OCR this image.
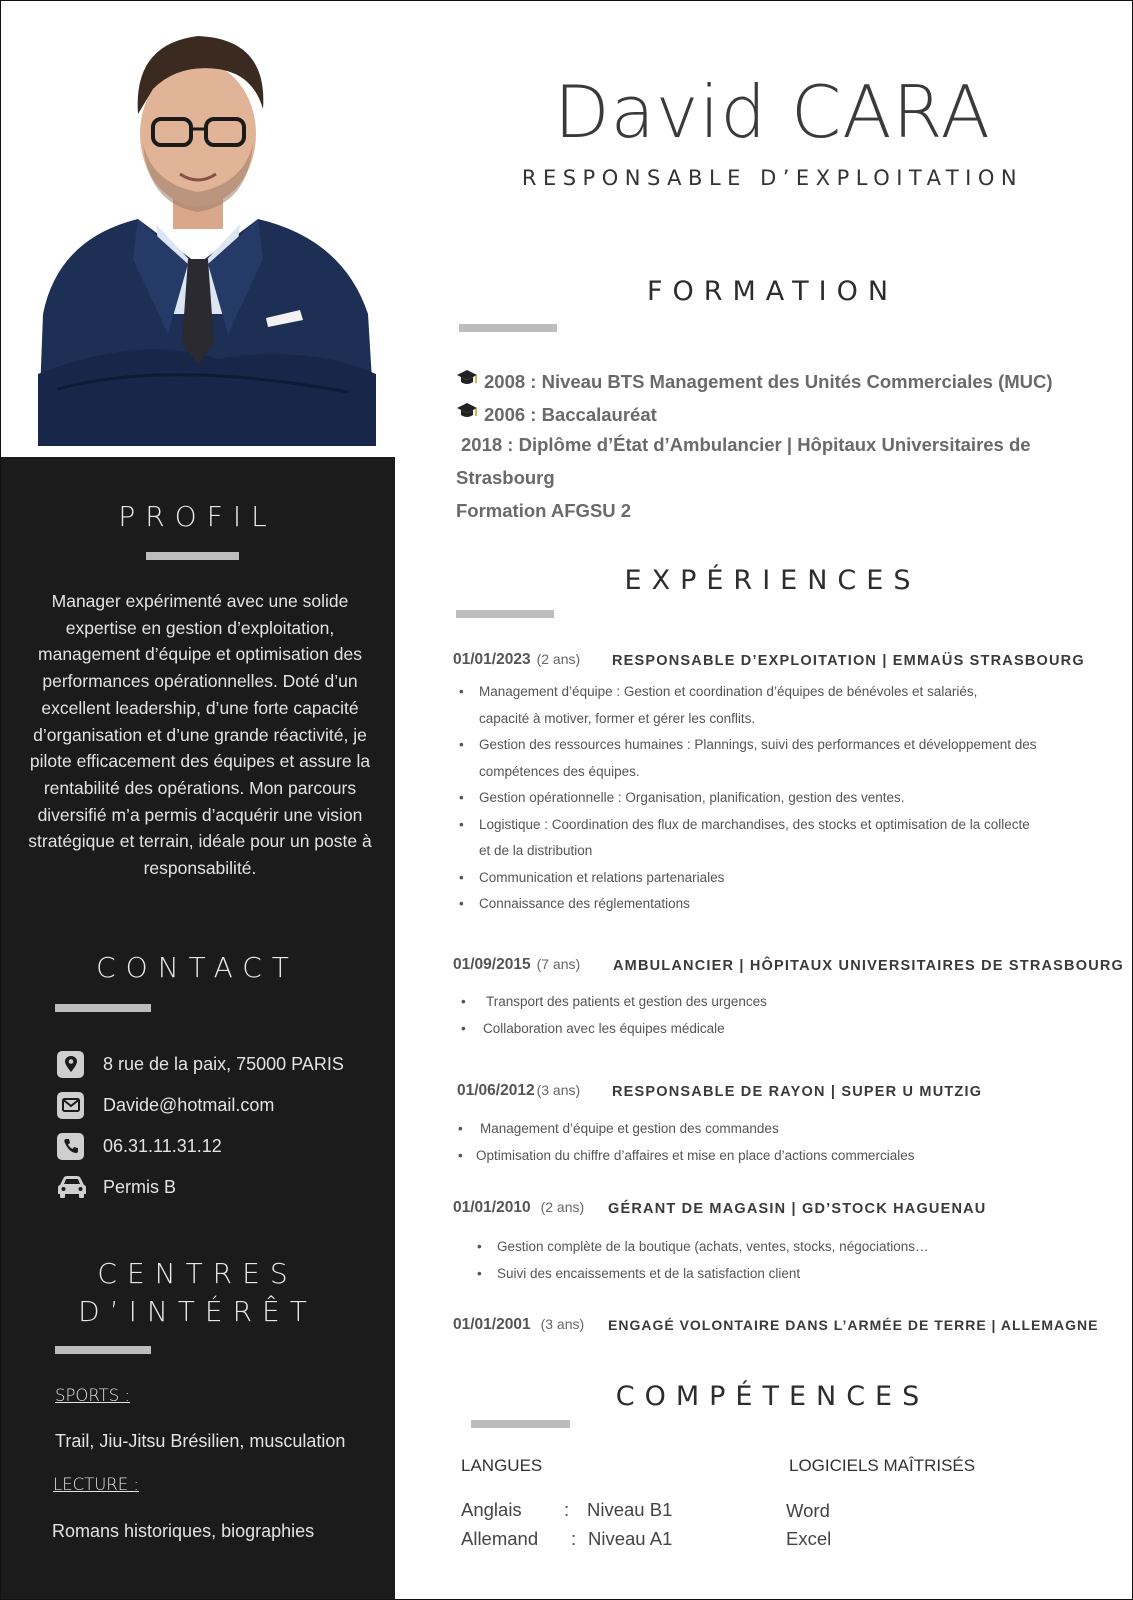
PROFIL
Manager expérimenté avec une solide expertise en gestion d’exploitation, management d’équipe et optimisation des performances opérationnelles. Doté d’un excellent leadership, d’une forte capacité d’organisation et d’une grande réactivité, je pilote efficacement des équipes et assure la rentabilité des opérations. Mon parcours diversifié m’a permis d’acquérir une vision stratégique et terrain, idéale pour un poste à responsabilité.
CONTACT
8 rue de la paix, 75000 PARIS
Davide@hotmail.com
06.31.11.31.12
Permis B
CENTRES
D’INTÉRÊT
SPORTS :
Trail, Jiu-Jitsu Brésilien, musculation
LECTURE :
Romans historiques, biographies
David CARA
RESPONSABLE D’EXPLOITATION
FORMATION
2008 : Niveau BTS Management des Unités Commerciales (MUC)
2006 : Baccalauréat
2018 : Diplôme d’État d’Ambulancier | Hôpitaux Universitaires de
Strasbourg
Formation AFGSU 2
EXPÉRIENCES
01/01/2023 (2 ans) RESPONSABLE D’EXPLOITATION | EMMAÜS STRASBOURG
• Management d’équipe : Gestion et coordination d’équipes de bénévoles et salariés,
capacité à motiver, former et gérer les conflits.
• Gestion des ressources humaines : Plannings, suivi des performances et développement des
compétences des équipes.
• Gestion opérationnelle : Organisation, planification, gestion des ventes.
• Logistique : Coordination des flux de marchandises, des stocks et optimisation de la collecte
et de la distribution
• Communication et relations partenariales
• Connaissance des réglementations
01/09/2015 (7 ans) AMBULANCIER | HÔPITAUX UNIVERSITAIRES DE STRASBOURG
• Transport des patients et gestion des urgences
• Collaboration avec les équipes médicale
01/06/2012 (3 ans) RESPONSABLE DE RAYON | SUPER U MUTZIG
• Management d’équipe et gestion des commandes
• Optimisation du chiffre d’affaires et mise en place d’actions commerciales
01/01/2010 (2 ans) GÉRANT DE MAGASIN | GD’STOCK HAGUENAU
• Gestion complète de la boutique (achats, ventes, stocks, négociations…
• Suivi des encaissements et de la satisfaction client
01/01/2001 (3 ans) ENGAGÉ VOLONTAIRE DANS L’ARMÉE DE TERRE | ALLEMAGNE
COMPÉTENCES
LANGUES	LOGICIELS MAÎTRISÉS
Anglais : Niveau B1
Allemand : Niveau A1
Word
Excel
